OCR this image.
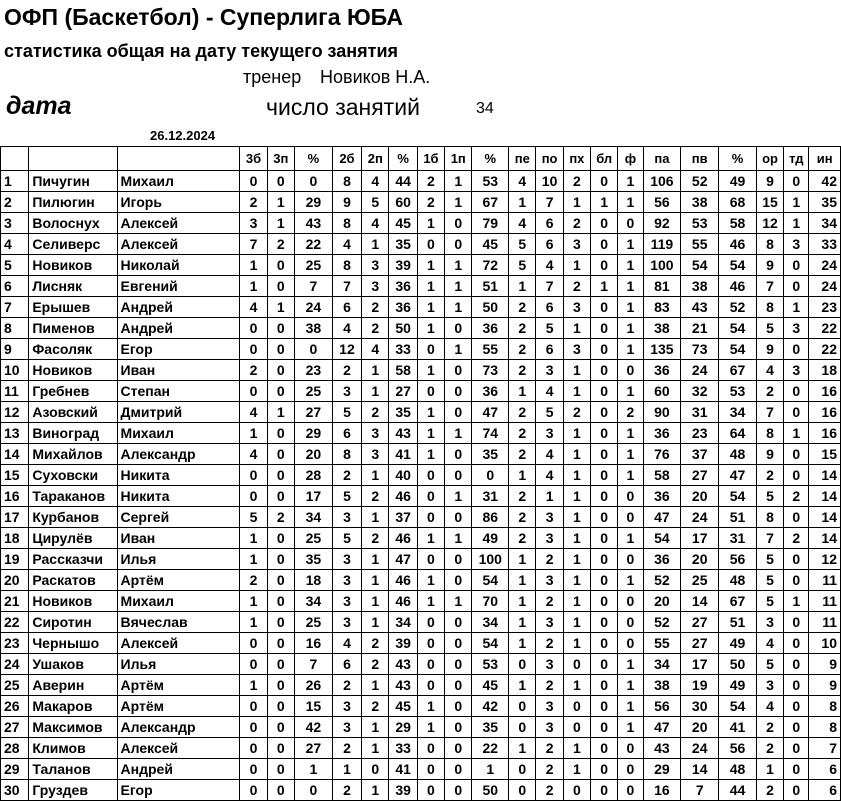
ОФП (Баскетбол) - Суперлига ЮБА
статистика общая на дату текущего занятия
тренер Новиков Н.А.
дата	число занятий	34
26.12.2024
			3б	3п	%	2б	2п	%	1б	1п	%	пе	по	пх	бл	ф	па	пв	%	ор	тд	ин
1	Пичугин	Михаил	0	0	0	8	4	44	2	1	53	4	10	2	0	1	106	52	49	9	0	42
2	Пилюгин	Игорь	2	1	29	9	5	60	2	1	67	1	7	1	1	1	56	38	68	15	1	35
3	Волоснух	Алексей	3	1	43	8	4	45	1	0	79	4	6	2	0	0	92	53	58	12	1	34
4	Селиверс	Алексей	7	2	22	4	1	35	0	0	45	5	6	3	0	1	119	55	46	8	3	33
5	Новиков	Николай	1	0	25	8	3	39	1	1	72	5	4	1	0	1	100	54	54	9	0	24
6	Лисняк	Евгений	1	0	7	7	3	36	1	1	51	1	7	2	1	1	81	38	46	7	0	24
7	Ерышев	Андрей	4	1	24	6	2	36	1	1	50	2	6	3	0	1	83	43	52	8	1	23
8	Пименов	Андрей	0	0	38	4	2	50	1	0	36	2	5	1	0	1	38	21	54	5	3	22
9	Фасоляк	Егор	0	0	0	12	4	33	0	1	55	2	6	3	0	1	135	73	54	9	0	22
10	Новиков	Иван	2	0	23	2	1	58	1	0	73	2	3	1	0	0	36	24	67	4	3	18
11	Гребнев	Степан	0	0	25	3	1	27	0	0	36	1	4	1	0	1	60	32	53	2	0	16
12	Азовский	Дмитрий	4	1	27	5	2	35	1	0	47	2	5	2	0	2	90	31	34	7	0	16
13	Виноград	Михаил	1	0	29	6	3	43	1	1	74	2	3	1	0	1	36	23	64	8	1	16
14	Михайлов	Александр	4	0	20	8	3	41	1	0	35	2	4	1	0	1	76	37	48	9	0	15
15	Суховски	Никита	0	0	28	2	1	40	0	0	0	1	4	1	0	1	58	27	47	2	0	14
16	Тараканов	Никита	0	0	17	5	2	46	0	1	31	2	1	1	0	0	36	20	54	5	2	14
17	Курбанов	Сергей	5	2	34	3	1	37	0	0	86	2	3	1	0	0	47	24	51	8	0	14
18	Цирулёв	Иван	1	0	25	5	2	46	1	1	49	2	3	1	0	1	54	17	31	7	2	14
19	Рассказчи	Илья	1	0	35	3	1	47	0	0	100	1	2	1	0	0	36	20	56	5	0	12
20	Раскатов	Артём	2	0	18	3	1	46	1	0	54	1	3	1	0	1	52	25	48	5	0	11
21	Новиков	Михаил	1	0	34	3	1	46	1	1	70	1	2	1	0	0	20	14	67	5	1	11
22	Сиротин	Вячеслав	1	0	25	3	1	34	0	0	34	1	3	1	0	0	52	27	51	3	0	11
23	Чернышо	Алексей	0	0	16	4	2	39	0	0	54	1	2	1	0	0	55	27	49	4	0	10
24	Ушаков	Илья	0	0	7	6	2	43	0	0	53	0	3	0	0	1	34	17	50	5	0	9
25	Аверин	Артём	1	0	26	2	1	43	0	0	45	1	2	1	0	1	38	19	49	3	0	9
26	Макаров	Артём	0	0	15	3	2	45	1	0	42	0	3	0	0	1	56	30	54	4	0	8
27	Максимов	Александр	0	0	42	3	1	29	1	0	35	0	3	0	0	1	47	20	41	2	0	8
28	Климов	Алексей	0	0	27	2	1	33	0	0	22	1	2	1	0	0	43	24	56	2	0	7
29	Таланов	Андрей	0	0	1	1	0	41	0	0	1	0	2	1	0	0	29	14	48	1	0	6
30	Груздев	Егор	0	0	0	2	1	39	0	0	50	0	2	0	0	0	16	7	44	2	0	6
